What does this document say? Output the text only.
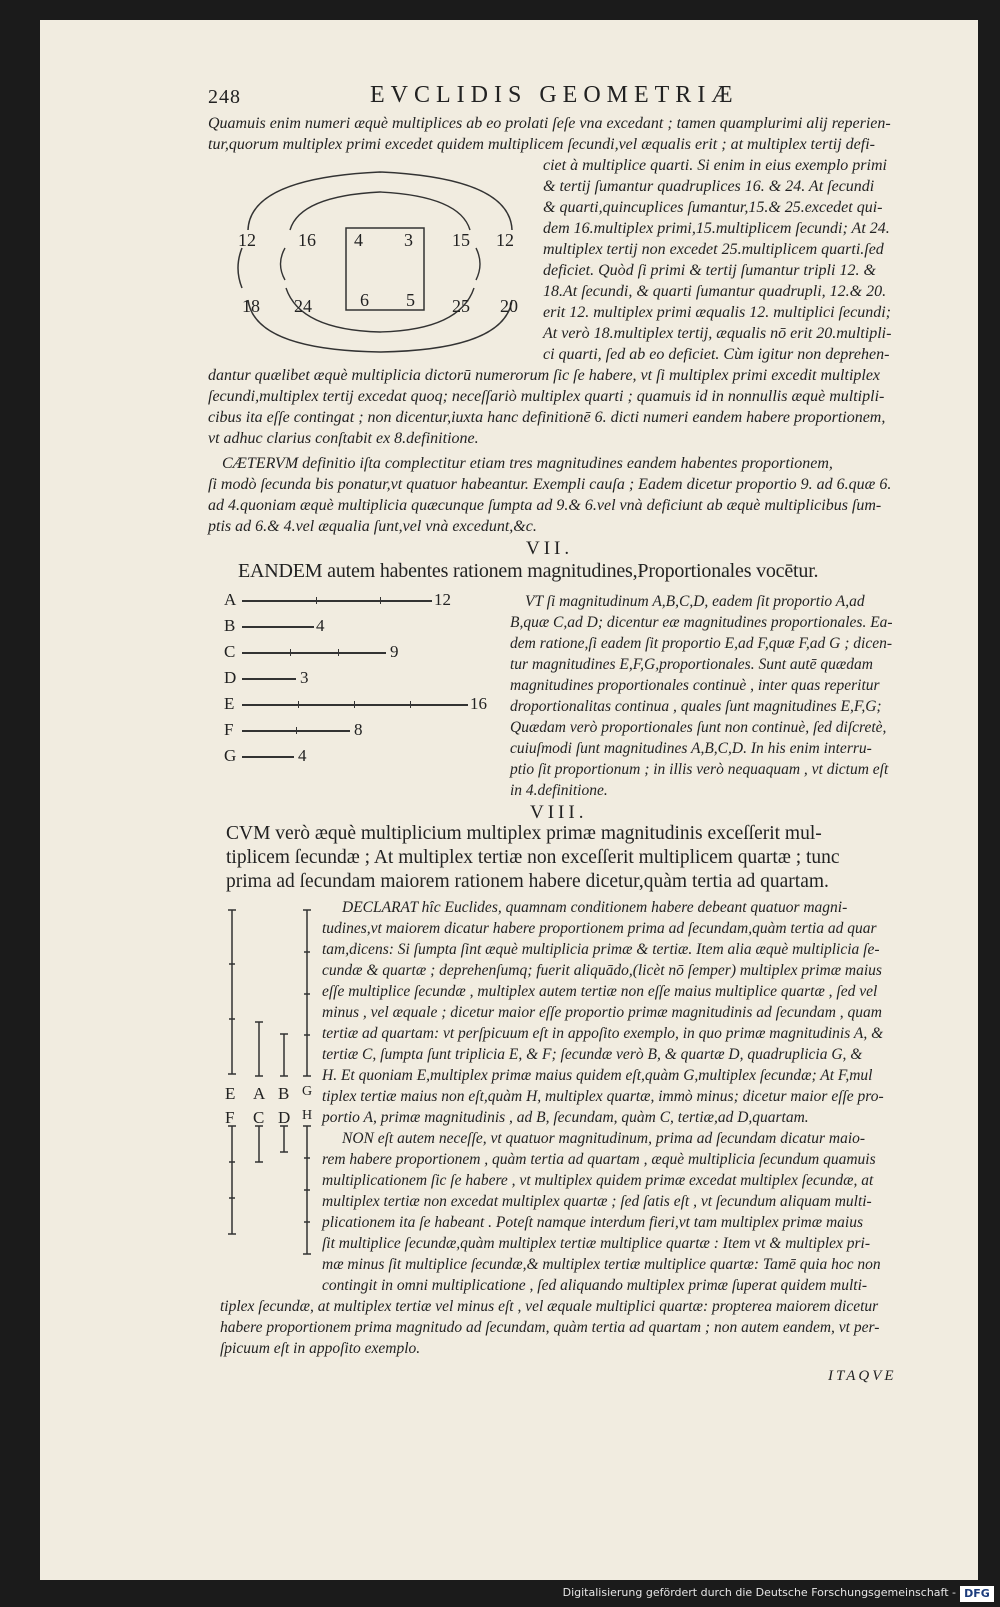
248	EVCLIDIS GEOMETRIÆ
Quamuis enim numeri æquè multiplices ab eo prolati ſeſe vna excedant ; tamen quamplurimi alij reperien-
tur,quorum multiplex primi excedet quidem multiplicem ſecundi,vel æqualis erit ; at multiplex tertij defi-
ciet à multiplice quarti. Si enim in eius exemplo primi
& tertij ſumantur quadruplices 16. & 24. At ſecundi
& quarti,quincuplices ſumantur,15.& 25.excedet qui-
dem 16.multiplex primi,15.multiplicem ſecundi; At 24.
multiplex tertij non excedet 25.multiplicem quarti.ſed
deficiet. Quòd ſi primi & tertij ſumantur tripli 12. &
18.At ſecundi, & quarti ſumantur quadrupli, 12.& 20.
erit 12. multiplex primi æqualis 12. multiplici ſecundi;
At verò 18.multiplex tertij, æqualis nō erit 20.multipli-
ci quarti, ſed ab eo deficiet. Cùm igitur non deprehen-
12
18
16
24
4 3
6 5
15
25
12
20
dantur quælibet æquè multiplicia dictorū numerorum ſic ſe habere, vt ſi multiplex primi excedit multiplex
ſecundi,multiplex tertij excedat quoq; neceſſariò multiplex quarti ; quamuis id in nonnullis æquè multipli-
cibus ita eſſe contingat ; non dicentur,iuxta hanc definitionē 6. dicti numeri eandem habere proportionem,
vt adhuc clarius conſtabit ex 8.definitione.
CÆTERVM definitio iſta complectitur etiam tres magnitudines eandem habentes proportionem,
ſi modò ſecunda bis ponatur,vt quatuor habeantur. Exempli cauſa ; Eadem dicetur proportio 9. ad 6.quæ 6.
ad 4.quoniam æquè multiplicia quæcunque ſumpta ad 9.& 6.vel vnà deficiunt ab æquè multiplicibus ſum-
ptis ad 6.& 4.vel æqualia ſunt,vel vnà excedunt,&c.
VII.
EANDEM autem habentes rationem magnitudines,Proportionales vocētur.
A	12
B	4
C	9
D	3
E	16
F	8
G	4
VT ſi magnitudinum A,B,C,D, eadem ſit proportio A,ad
B,quæ C,ad D; dicentur eæ magnitudines proportionales. Ea-
dem ratione,ſi eadem ſit proportio E,ad F,quæ F,ad G ; dicen-
tur magnitudines E,F,G,proportionales. Sunt autē quædam
magnitudines proportionales continuè , inter quas reperitur
droportionalitas continua , quales ſunt magnitudines E,F,G;
Quædam verò proportionales ſunt non continuè, ſed diſcretè,
cuiuſmodi ſunt magnitudines A,B,C,D. In his enim interru-
ptio ſit proportionum ; in illis verò nequaquam , vt dictum eſt
in 4.definitione.
VIII.
CVM verò æquè multiplicium multiplex primæ magnitudinis exceſſerit mul-
tiplicem ſecundæ ; At multiplex tertiæ non exceſſerit multiplicem quartæ ; tunc
prima ad ſecundam maiorem rationem habere dicetur,quàm tertia ad quartam.
E A B G
F C D H
DECLARAT hîc Euclides, quamnam conditionem habere debeant quatuor magni-
tudines,vt maiorem dicatur habere proportionem prima ad ſecundam,quàm tertia ad quar
tam,dicens: Si ſumpta ſint æquè multiplicia primæ & tertiæ. Item alia æquè multiplicia ſe-
cundæ & quartæ ; deprehenſumq; fuerit aliquādo,(licèt nō ſemper) multiplex primæ maius
eſſe multiplice ſecundæ , multiplex autem tertiæ non eſſe maius multiplice quartæ , ſed vel
minus , vel æquale ; dicetur maior eſſe proportio primæ magnitudinis ad ſecundam , quam
tertiæ ad quartam: vt perſpicuum eſt in appoſito exemplo, in quo primæ magnitudinis A, &
tertiæ C, ſumpta ſunt triplicia E, & F; ſecundæ verò B, & quartæ D, quadruplicia G, &
H. Et quoniam E,multiplex primæ maius quidem eſt,quàm G,multiplex ſecundæ; At F,mul
tiplex tertiæ maius non eſt,quàm H, multiplex quartæ, immò minus; dicetur maior eſſe pro-
portio A, primæ magnitudinis , ad B, ſecundam, quàm C, tertiæ,ad D,quartam.
NON eſt autem neceſſe, vt quatuor magnitudinum, prima ad ſecundam dicatur maio-
rem habere proportionem , quàm tertia ad quartam , æquè multiplicia ſecundum quamuis
multiplicationem ſic ſe habere , vt multiplex quidem primæ excedat multiplex ſecundæ, at
multiplex tertiæ non excedat multiplex quartæ ; ſed ſatis eſt , vt ſecundum aliquam multi-
plicationem ita ſe habeant . Poteſt namque interdum fieri,vt tam multiplex primæ maius
ſit multiplice ſecundæ,quàm multiplex tertiæ multiplice quartæ : Item vt & multiplex pri-
mæ minus ſit multiplice ſecundæ,& multiplex tertiæ multiplice quartæ: Tamē quia hoc non
contingit in omni multiplicatione , ſed aliquando multiplex primæ ſuperat quidem multi-
tiplex ſecundæ, at multiplex tertiæ vel minus eſt , vel æquale multiplici quartæ: propterea maiorem dicetur
habere proportionem prima magnitudo ad ſecundam, quàm tertia ad quartam ; non autem eandem, vt per-
ſpicuum eſt in appoſito exemplo.
ITAQVE
Digitalisierung gefördert durch die Deutsche Forschungsgemeinschaft - DFG
